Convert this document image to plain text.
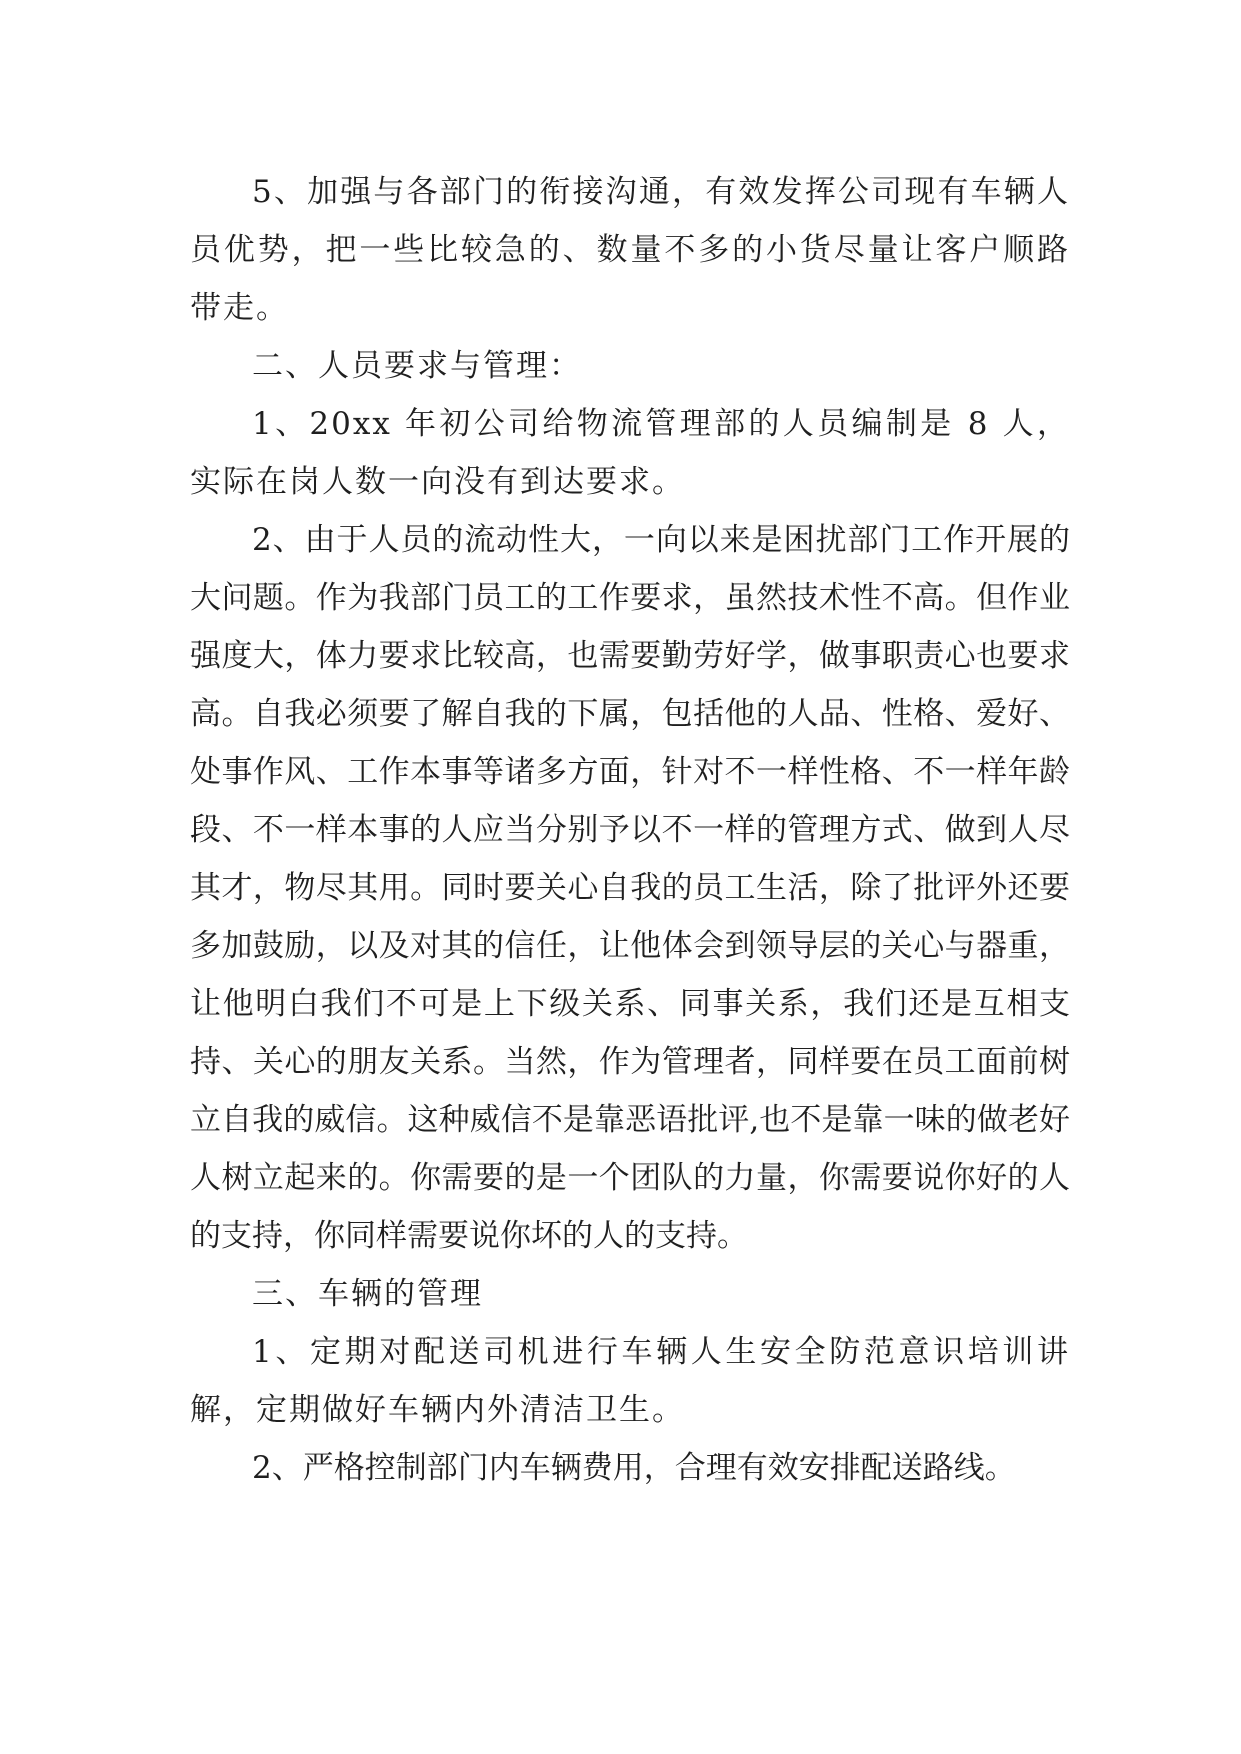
5、加强与各部门的衔接沟通，有效发挥公司现有车辆人员优势，把一些比较急的、数量不多的小货尽量让客户顺路带走。

二、人员要求与管理：

1、20xx 年初公司给物流管理部的人员编制是 8 人，实际在岗人数一向没有到达要求。

2、由于人员的流动性大，一向以来是困扰部门工作开展的大问题。作为我部门员工的工作要求，虽然技术性不高。但作业强度大，体力要求比较高，也需要勤劳好学，做事职责心也要求高。自我必须要了解自我的下属，包括他的人品、性格、爱好、处事作风、工作本事等诸多方面，针对不一样性格、不一样年龄段、不一样本事的人应当分别予以不一样的管理方式、做到人尽其才，物尽其用。同时要关心自我的员工生活，除了批评外还要多加鼓励，以及对其的信任，让他体会到领导层的关心与器重，让他明白我们不可是上下级关系、同事关系，我们还是互相支持、关心的朋友关系。当然，作为管理者，同样要在员工面前树立自我的威信。这种威信不是靠恶语批评,也不是靠一味的做老好人树立起来的。你需要的是一个团队的力量，你需要说你好的人的支持，你同样需要说你坏的人的支持。

三、车辆的管理

1、定期对配送司机进行车辆人生安全防范意识培训讲解，定期做好车辆内外清洁卫生。

2、严格控制部门内车辆费用，合理有效安排配送路线。
